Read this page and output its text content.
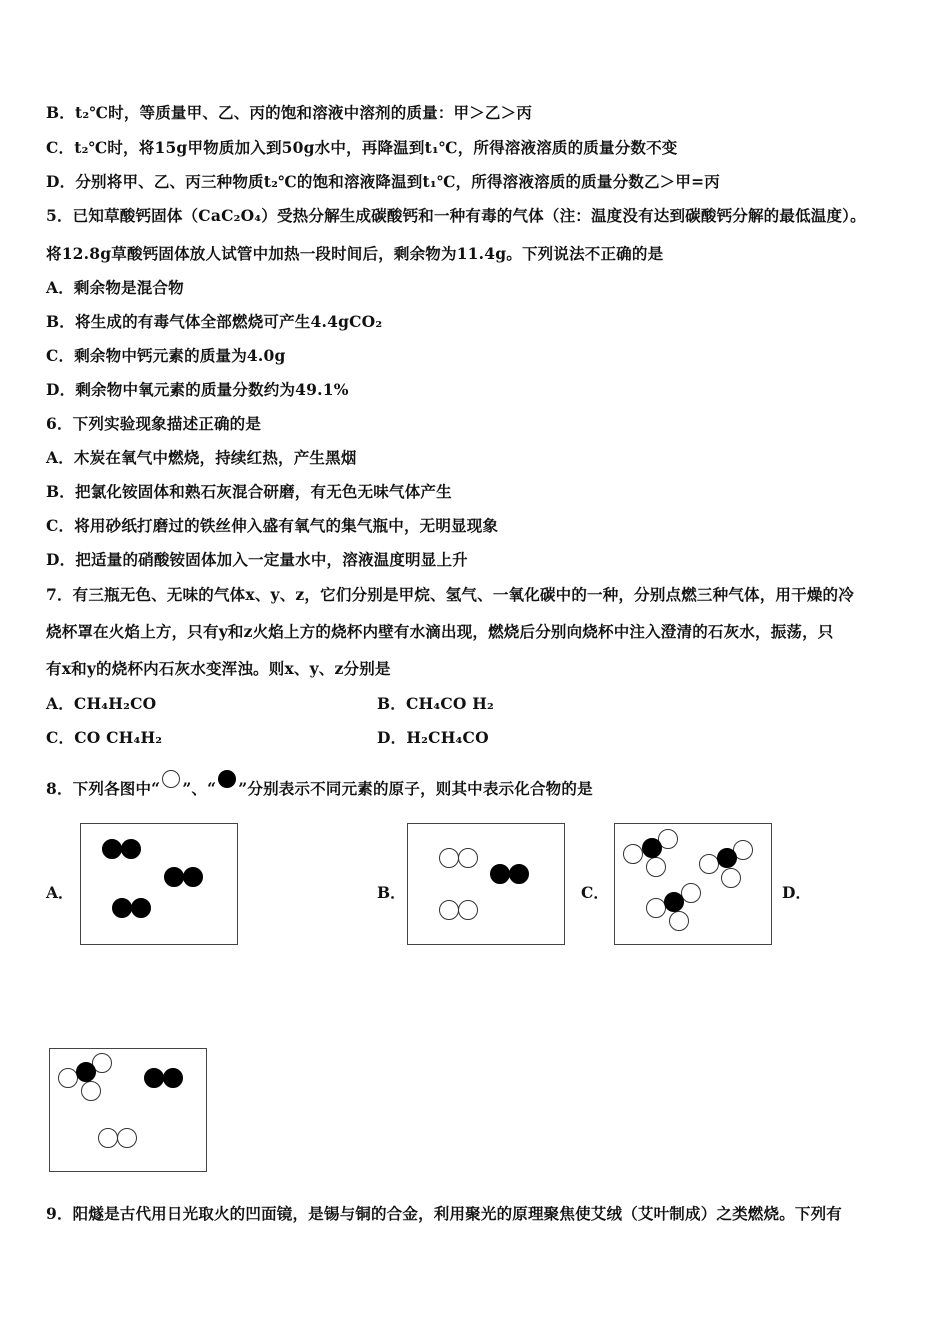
B．t₂℃时，等质量甲、乙、丙的饱和溶液中溶剂的质量：甲＞乙＞丙
C．t₂℃时，将15g甲物质加入到50g水中，再降温到t₁℃，所得溶液溶质的质量分数不变
D．分别将甲、乙、丙三种物质t₂℃的饱和溶液降温到t₁℃，所得溶液溶质的质量分数乙＞甲=丙
5．已知草酸钙固体（CaC₂O₄）受热分解生成碳酸钙和一种有毒的气体（注：温度没有达到碳酸钙分解的最低温度）。
将12.8g草酸钙固体放人试管中加热一段时间后，剩余物为11.4g。下列说法不正确的是
A．剩余物是混合物
B．将生成的有毒气体全部燃烧可产生4.4gCO₂
C．剩余物中钙元素的质量为4.0g
D．剩余物中氧元素的质量分数约为49.1%
6．下列实验现象描述正确的是
A．木炭在氧气中燃烧，持续红热，产生黑烟
B．把氯化铵固体和熟石灰混合研磨，有无色无味气体产生
C．将用砂纸打磨过的铁丝伸入盛有氧气的集气瓶中，无明显现象
D．把适量的硝酸铵固体加入一定量水中，溶液温度明显上升
7．有三瓶无色、无味的气体x、y、z，它们分别是甲烷、氢气、一氧化碳中的一种，分别点燃三种气体，用干燥的冷
烧杯罩在火焰上方，只有y和z火焰上方的烧杯内壁有水滴出现，燃烧后分别向烧杯中注入澄清的石灰水，振荡，只
有x和y的烧杯内石灰水变浑浊。则x、y、z分别是
A．CH₄H₂CO	B．CH₄CO H₂
C．CO CH₄H₂	D．H₂CH₄CO
8．下列各图中“ ”、“ ”分别表示不同元素的原子，则其中表示化合物的是
A．	B．	C．	D．
9．阳燧是古代用日光取火的凹面镜，是锡与铜的合金，利用聚光的原理聚焦使艾绒（艾叶制成）之类燃烧。下列有
